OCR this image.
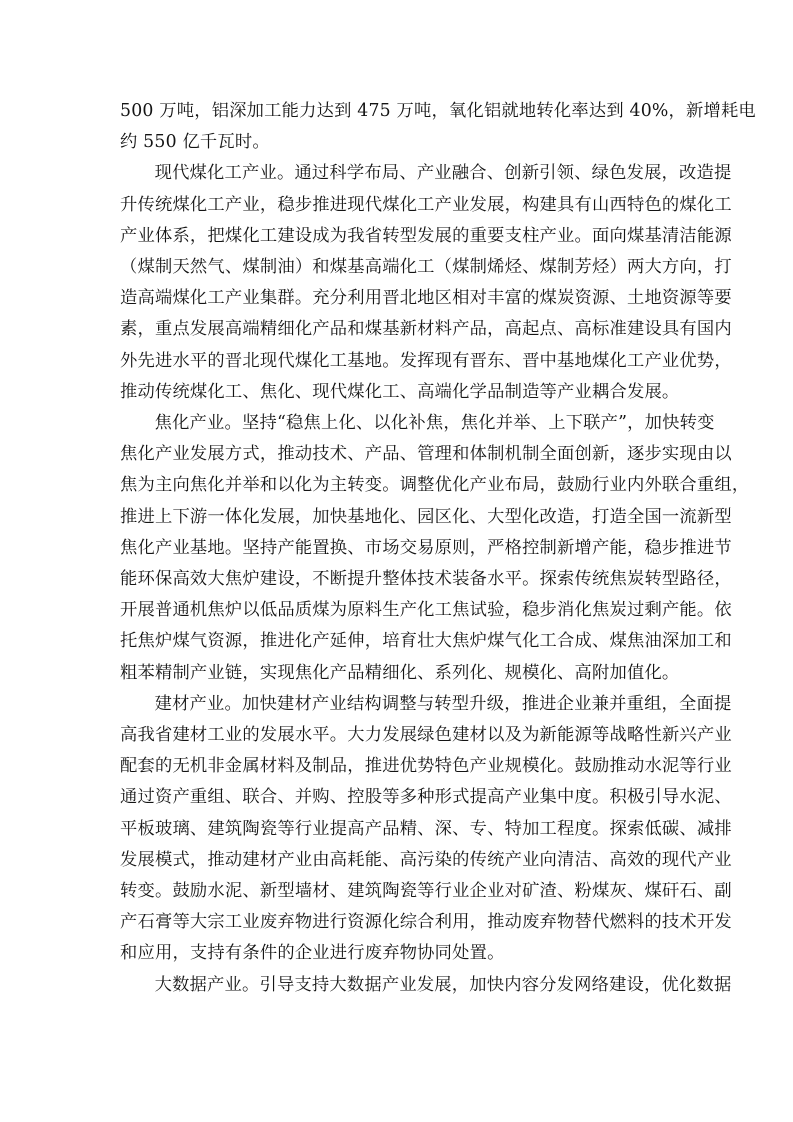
500 万吨，铝深加工能力达到 475 万吨，氧化铝就地转化率达到 40%，新增耗电
约 550 亿千瓦时。
现代煤化工产业。通过科学布局、产业融合、创新引领、绿色发展，改造提
升传统煤化工产业，稳步推进现代煤化工产业发展，构建具有山西特色的煤化工
产业体系，把煤化工建设成为我省转型发展的重要支柱产业。面向煤基清洁能源
（煤制天然气、煤制油）和煤基高端化工（煤制烯烃、煤制芳烃）两大方向，打
造高端煤化工产业集群。充分利用晋北地区相对丰富的煤炭资源、土地资源等要
素，重点发展高端精细化产品和煤基新材料产品，高起点、高标准建设具有国内
外先进水平的晋北现代煤化工基地。发挥现有晋东、晋中基地煤化工产业优势，
推动传统煤化工、焦化、现代煤化工、高端化学品制造等产业耦合发展。
焦化产业。坚持“稳焦上化、以化补焦，焦化并举、上下联产”，加快转变
焦化产业发展方式，推动技术、产品、管理和体制机制全面创新，逐步实现由以
焦为主向焦化并举和以化为主转变。调整优化产业布局，鼓励行业内外联合重组，
推进上下游一体化发展，加快基地化、园区化、大型化改造，打造全国一流新型
焦化产业基地。坚持产能置换、市场交易原则，严格控制新增产能，稳步推进节
能环保高效大焦炉建设，不断提升整体技术装备水平。探索传统焦炭转型路径，
开展普通机焦炉以低品质煤为原料生产化工焦试验，稳步消化焦炭过剩产能。依
托焦炉煤气资源，推进化产延伸，培育壮大焦炉煤气化工合成、煤焦油深加工和
粗苯精制产业链，实现焦化产品精细化、系列化、规模化、高附加值化。
建材产业。加快建材产业结构调整与转型升级，推进企业兼并重组，全面提
高我省建材工业的发展水平。大力发展绿色建材以及为新能源等战略性新兴产业
配套的无机非金属材料及制品，推进优势特色产业规模化。鼓励推动水泥等行业
通过资产重组、联合、并购、控股等多种形式提高产业集中度。积极引导水泥、
平板玻璃、建筑陶瓷等行业提高产品精、深、专、特加工程度。探索低碳、减排
发展模式，推动建材产业由高耗能、高污染的传统产业向清洁、高效的现代产业
转变。鼓励水泥、新型墙材、建筑陶瓷等行业企业对矿渣、粉煤灰、煤矸石、副
产石膏等大宗工业废弃物进行资源化综合利用，推动废弃物替代燃料的技术开发
和应用，支持有条件的企业进行废弃物协同处置。
大数据产业。引导支持大数据产业发展，加快内容分发网络建设，优化数据
